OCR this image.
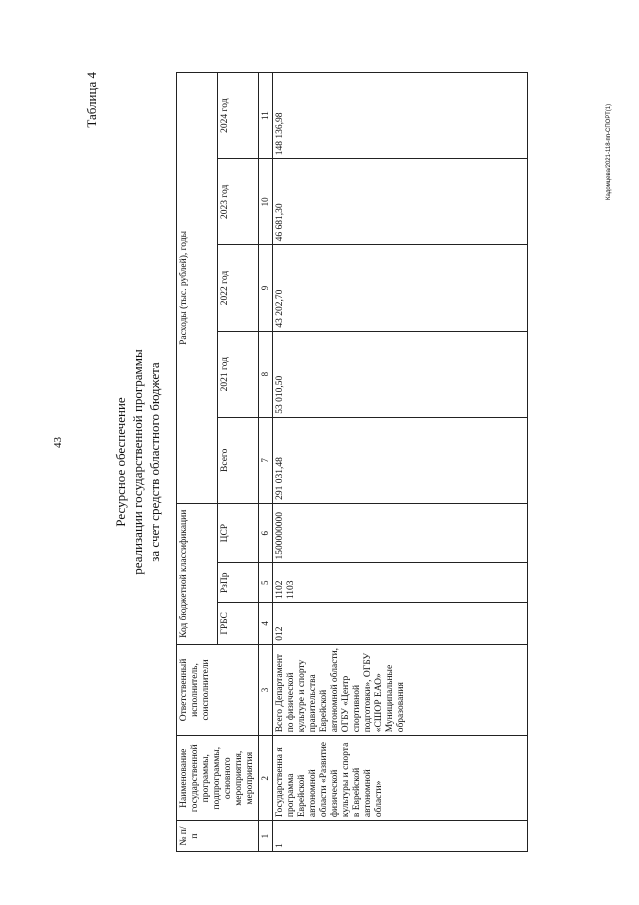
43
Кадомцева/2021-118-пп-СПОРТ(1)
Таблица 4
Ресурсное обеспечение реализации государственной программы за счет средств областного бюджета
№ п/п	Наименование государственной программы, подпрограммы, основного мероприятия, мероприятия	Ответственный исполнитель, соисполнители	Код бюджетной классификации			Расходы (тыс. рублей), годы				
			ГРБС	РзПр	ЦСР	Всего	2021 год	2022 год	2023 год	2024 год
1	2	3	4	5	6	7	8	9	10	11
1	Государственна я программа Еврейской автономной области «Развитие физической культуры и спорта в Еврейской автономной области»	Всего Департамент по физической культуре и спорту правительства Еврейской автономной области, ОГБУ «Центр спортивной подготовки», ОГБУ «СШОР ЕАО» Муниципальные образования	012	1102 1103	1500000000	291 031,48	53 010,50	43 202,70	46 681,30	148 136,98
